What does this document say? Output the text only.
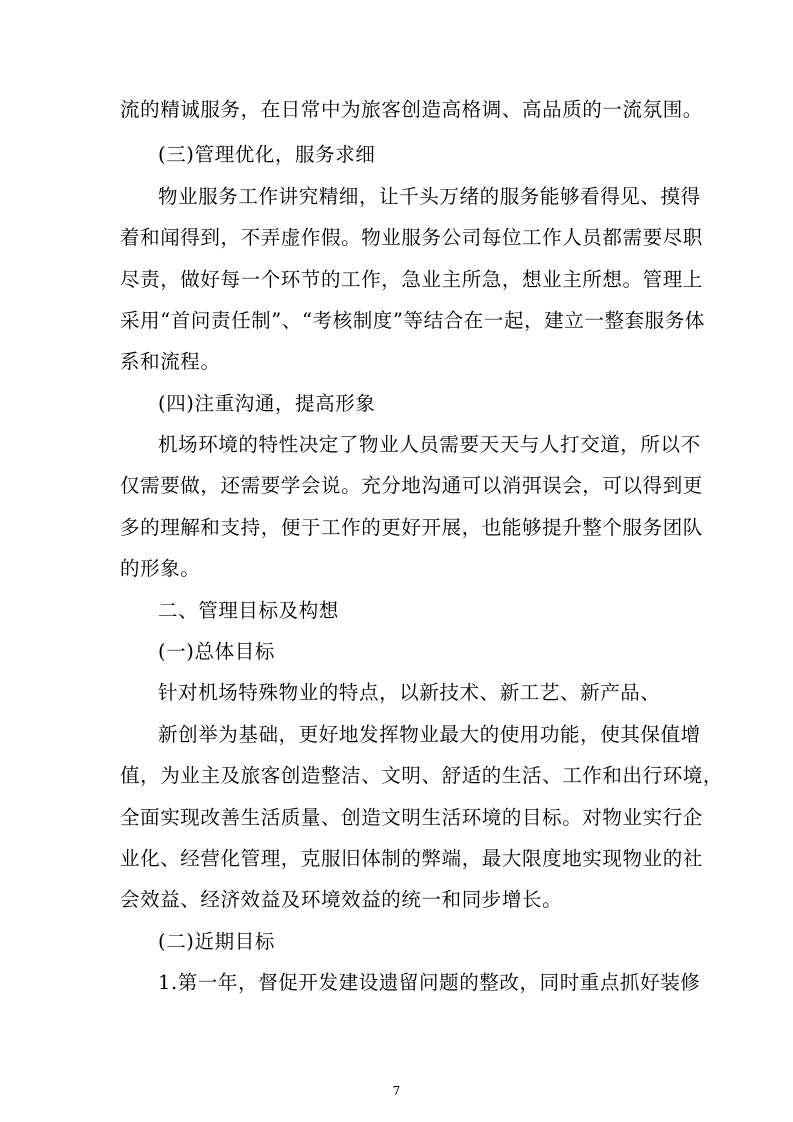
流的精诚服务，在日常中为旅客创造高格调、高品质的一流氛围。
(三)管理优化，服务求细
物业服务工作讲究精细，让千头万绪的服务能够看得见、摸得
着和闻得到，不弄虚作假。物业服务公司每位工作人员都需要尽职
尽责，做好每一个环节的工作，急业主所急，想业主所想。管理上
采用“首问责任制”、“考核制度”等结合在一起，建立一整套服务体
系和流程。
(四)注重沟通，提高形象
机场环境的特性决定了物业人员需要天天与人打交道，所以不
仅需要做，还需要学会说。充分地沟通可以消弭误会，可以得到更
多的理解和支持，便于工作的更好开展，也能够提升整个服务团队
的形象。
二、管理目标及构想
(一)总体目标
针对机场特殊物业的特点，以新技术、新工艺、新产品、
新创举为基础，更好地发挥物业最大的使用功能，使其保值增
值，为业主及旅客创造整洁、文明、舒适的生活、工作和出行环境，
全面实现改善生活质量、创造文明生活环境的目标。对物业实行企
业化、经营化管理，克服旧体制的弊端，最大限度地实现物业的社
会效益、经济效益及环境效益的统一和同步增长。
(二)近期目标
1.第一年，督促开发建设遗留问题的整改，同时重点抓好装修
7
